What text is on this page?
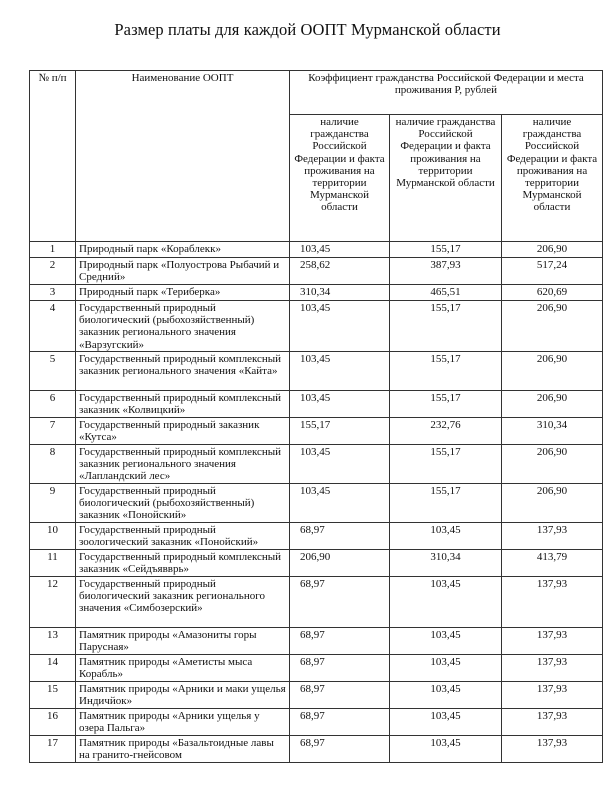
Размер платы для каждой ООПТ Мурманской области
№ п/п	Наименование ООПТ	Коэффициент гражданства Российской Федерации и места проживания Р, рублей		
		наличие гражданства Российской Федерации и факта проживания на территории Мурманской области	наличие гражданства Российской Федерации и факта проживания на территории Мурманской области	наличие гражданства Российской Федерации и факта проживания на территории Мурманской области
1	Природный парк «Кораблекк»	103,45	155,17	206,90
2	Природный парк «Полуострова Рыбачий и Средний»	258,62	387,93	517,24
3	Природный парк «Териберка»	310,34	465,51	620,69
4	Государственный природный биологический (рыбохозяйственный) заказник регионального значения «Варзугский»	103,45	155,17	206,90
5	Государственный природный комплексный заказник регионального значения «Кайта»	103,45	155,17	206,90
6	Государственный природный комплексный заказник «Колвицкий»	103,45	155,17	206,90
7	Государственный природный заказник «Кутса»	155,17	232,76	310,34
8	Государственный природный комплексный заказник регионального значения «Лапландский лес»	103,45	155,17	206,90
9	Государственный природный биологический (рыбохозяйственный) заказник «Понойский»	103,45	155,17	206,90
10	Государственный природный зоологический заказник «Понойский»	68,97	103,45	137,93
11	Государственный природный комплексный заказник «Сейдъявврь»	206,90	310,34	413,79
12	Государственный природный биологический заказник регионального значения «Симбозерский»	68,97	103,45	137,93
13	Памятник природы «Амазониты горы Парусная»	68,97	103,45	137,93
14	Памятник природы «Аметисты мыса Корабль»	68,97	103,45	137,93
15	Памятник природы «Арники и маки ущелья Индичйок»	68,97	103,45	137,93
16	Памятник природы «Арники ущелья у озера Пальга»	68,97	103,45	137,93
17	Памятник природы «Базальтоидные лавы на гранито-гнейсовом	68,97	103,45	137,93
